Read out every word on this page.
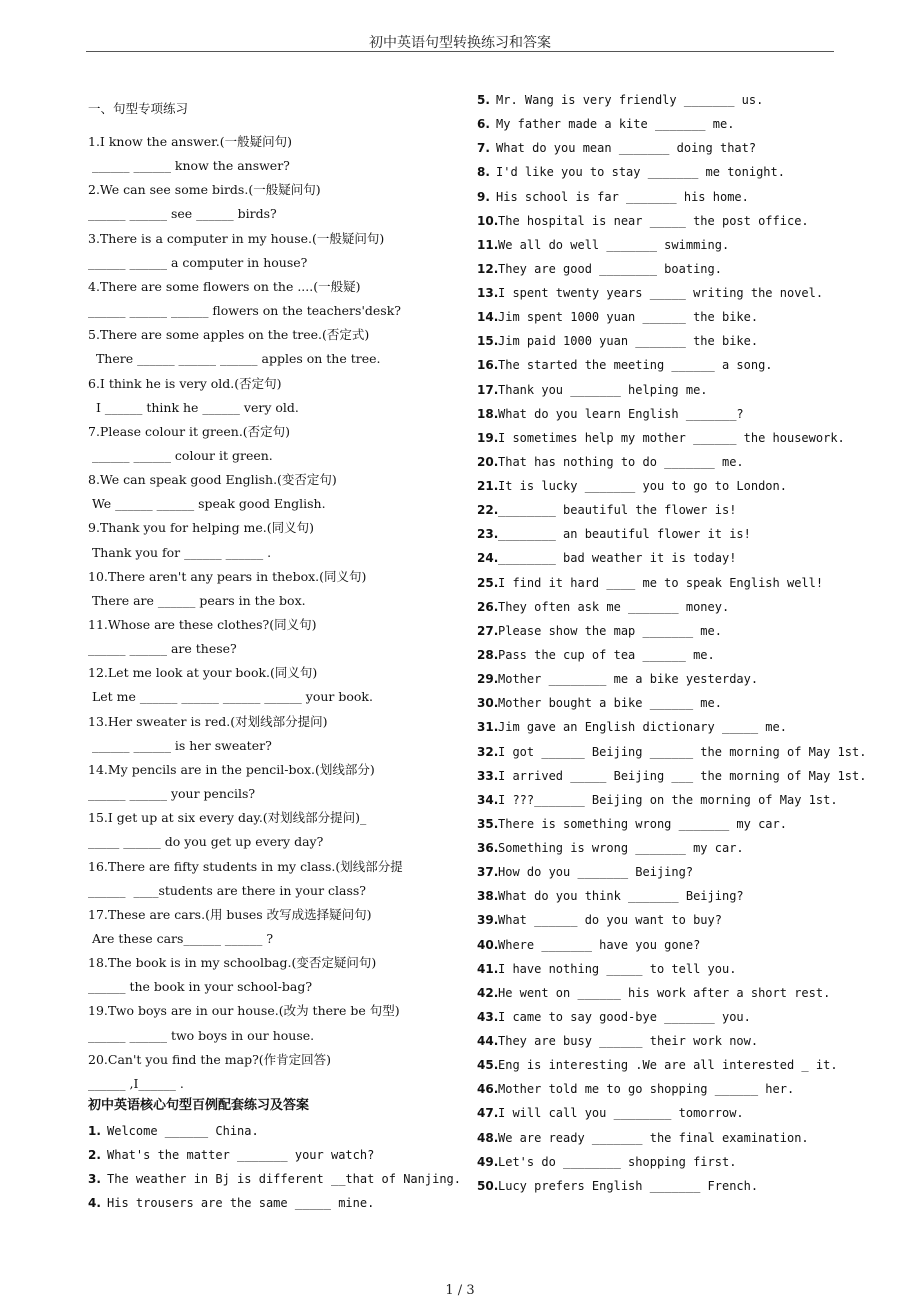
初中英语句型转换练习和答案
一、句型专项练习
1.I know the answer.(一般疑问句)
______ ______ know the answer?
2.We can see some birds.(一般疑问句)
______ ______ see ______ birds?
3.There is a computer in my house.(一般疑问句)
______ ______ a computer in house?
4.There are some flowers on the ....(一般疑)
______ ______ ______ flowers on the teachers'desk?
5.There are some apples on the tree.(否定式)
There ______ ______ ______ apples on the tree.
6.I think he is very old.(否定句)
I ______ think he ______ very old.
7.Please colour it green.(否定句)
______ ______ colour it green.
8.We can speak good English.(变否定句)
We ______ ______ speak good English.
9.Thank you for helping me.(同义句)
Thank you for ______ ______ .
10.There aren't any pears in thebox.(同义句)
There are ______ pears in the box.
11.Whose are these clothes?(同义句)
______ ______ are these?
12.Let me look at your book.(同义句)
Let me ______ ______ ______ ______ your book.
13.Her sweater is red.(对划线部分提问)
______ ______ is her sweater?
14.My pencils are in the pencil-box.(划线部分)
______ ______ your pencils?
15.I get up at six every day.(对划线部分提问)_
_____ ______ do you get up every day?
16.There are fifty students in my class.(划线部分提
______  ____students are there in your class?
17.These are cars.(用 buses 改写成选择疑问句)
Are these cars______ ______ ?
18.The book is in my schoolbag.(变否定疑问句)
______ the book in your school-bag?
19.Two boys are in our house.(改为 there be 句型)
______ ______ two boys in our house.
20.Can't you find the map?(作肯定回答)
______ ,I______ .
初中英语核心句型百例配套练习及答案
1. Welcome ______ China.
2. What's the matter _______ your watch?
3. The weather in Bj is different __that of Nanjing.
4. His trousers are the same _____ mine.
5. Mr. Wang is very friendly _______ us.
6. My father made a kite _______ me.
7. What do you mean _______ doing that?
8. I'd like you to stay _______ me tonight.
9. His school is far _______ his home.
10.The hospital is near _____ the post office.
11.We all do well _______ swimming.
12.They are good ________ boating.
13.I spent twenty years _____ writing the novel.
14.Jim spent 1000 yuan ______ the bike.
15.Jim paid 1000 yuan _______ the bike.
16.The started the meeting ______ a song.
17.Thank you _______ helping me.
18.What do you learn English _______?
19.I sometimes help my mother ______ the housework.
20.That has nothing to do _______ me.
21.It is lucky _______ you to go to London.
22.________ beautiful the flower is!
23.________ an beautiful flower it is!
24.________ bad weather it is today!
25.I find it hard ____ me to speak English well!
26.They often ask me _______ money.
27.Please show the map _______ me.
28.Pass the cup of tea ______ me.
29.Mother ________ me a bike yesterday.
30.Mother bought a bike ______ me.
31.Jim gave an English dictionary _____ me.
32.I got ______ Beijing ______ the morning of May 1st.
33.I arrived _____ Beijing ___ the morning of May 1st.
34.I ???_______ Beijing on the morning of May 1st.
35.There is something wrong _______ my car.
36.Something is wrong _______ my car.
37.How do you _______ Beijing?
38.What do you think _______ Beijing?
39.What ______ do you want to buy?
40.Where _______ have you gone?
41.I have nothing _____ to tell you.
42.He went on ______ his work after a short rest.
43.I came to say good-bye _______ you.
44.They are busy ______ their work now.
45.Eng is interesting .We are all interested _ it.
46.Mother told me to go shopping ______ her.
47.I will call you ________ tomorrow.
48.We are ready _______ the final examination.
49.Let's do ________ shopping first.
50.Lucy prefers English _______ French.
1 / 3
